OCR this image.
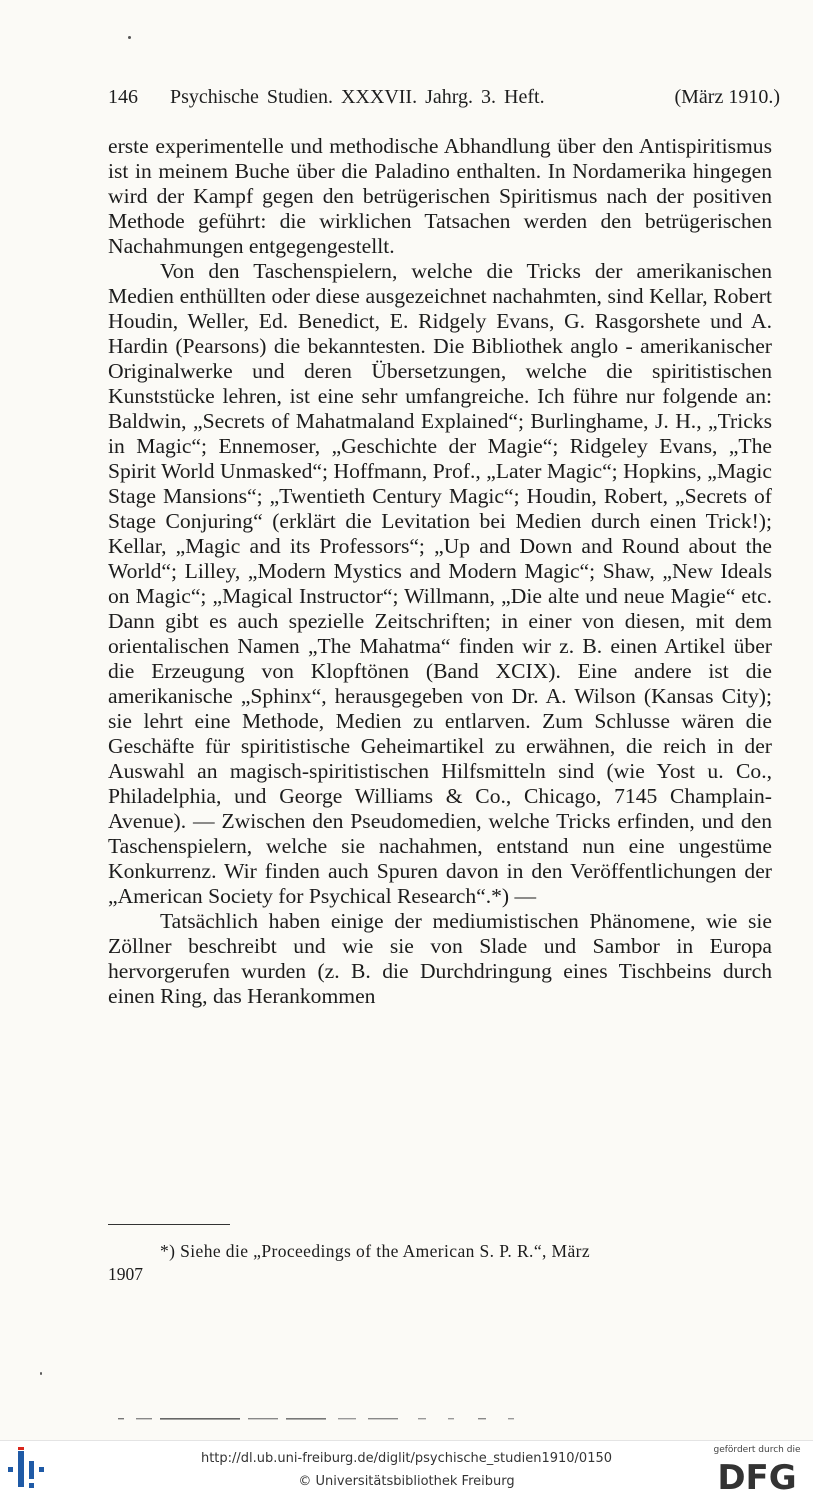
146 Psychische Studien. XXXVII. Jahrg. 3. Heft.	(März 1910.)

erste experimentelle und methodische Abhandlung über den Antispiritismus ist in meinem Buche über die Paladino enthalten. In Nordamerika hingegen wird der Kampf gegen den betrügerischen Spiritismus nach der positiven Methode geführt: die wirklichen Tatsachen werden den betrügerischen Nachahmungen entgegengestellt.

Von den Taschenspielern, welche die Tricks der amerikanischen Medien enthüllten oder diese ausgezeichnet nachahmten, sind Kellar, Robert Houdin, Weller, Ed. Benedict, E. Ridgely Evans, G. Rasgorshete und A. Hardin (Pearsons) die bekanntesten. Die Bibliothek anglo - amerikanischer Originalwerke und deren Übersetzungen, welche die spiritistischen Kunststücke lehren, ist eine sehr umfangreiche. Ich führe nur folgende an: Baldwin, „Secrets of Mahatmaland Explained“; Burlinghame, J. H., „Tricks in Magic“; Ennemoser, „Geschichte der Magie“; Ridgeley Evans, „The Spirit World Unmasked“; Hoffmann, Prof., „Later Magic“; Hopkins, „Magic Stage Mansions“; „Twentieth Century Magic“; Houdin, Robert, „Secrets of Stage Conjuring“ (erklärt die Levitation bei Medien durch einen Trick!); Kellar, „Magic and its Professors“; „Up and Down and Round about the World“; Lilley, „Modern Mystics and Modern Magic“; Shaw, „New Ideals on Magic“; „Magical Instructor“; Willmann, „Die alte und neue Magie“ etc. Dann gibt es auch spezielle Zeitschriften; in einer von diesen, mit dem orientalischen Namen „The Mahatma“ finden wir z. B. einen Artikel über die Erzeugung von Klopftönen (Band XCIX). Eine andere ist die amerikanische „Sphinx“, herausgegeben von Dr. A. Wilson (Kansas City); sie lehrt eine Methode, Medien zu entlarven. Zum Schlusse wären die Geschäfte für spiritistische Geheimartikel zu erwähnen, die reich in der Auswahl an magisch-spiritistischen Hilfsmitteln sind (wie Yost u. Co., Philadelphia, und George Williams & Co., Chicago, 7145 Champlain-Avenue). — Zwischen den Pseudomedien, welche Tricks erfinden, und den Taschenspielern, welche sie nachahmen, entstand nun eine ungestüme Konkurrenz. Wir finden auch Spuren davon in den Veröffentlichungen der „American Society for Psychical Research“.*) —

Tatsächlich haben einige der mediumistischen Phänomene, wie sie Zöllner beschreibt und wie sie von Slade und Sambor in Europa hervorgerufen wurden (z. B. die Durchdringung eines Tischbeins durch einen Ring, das Herankommen

*) Siehe die „Proceedings of the American S. P. R.“, März
1907
http://dl.ub.uni-freiburg.de/diglit/psychische_studien1910/0150
© Universitätsbibliothek Freiburg
gefördert durch die
DFG
